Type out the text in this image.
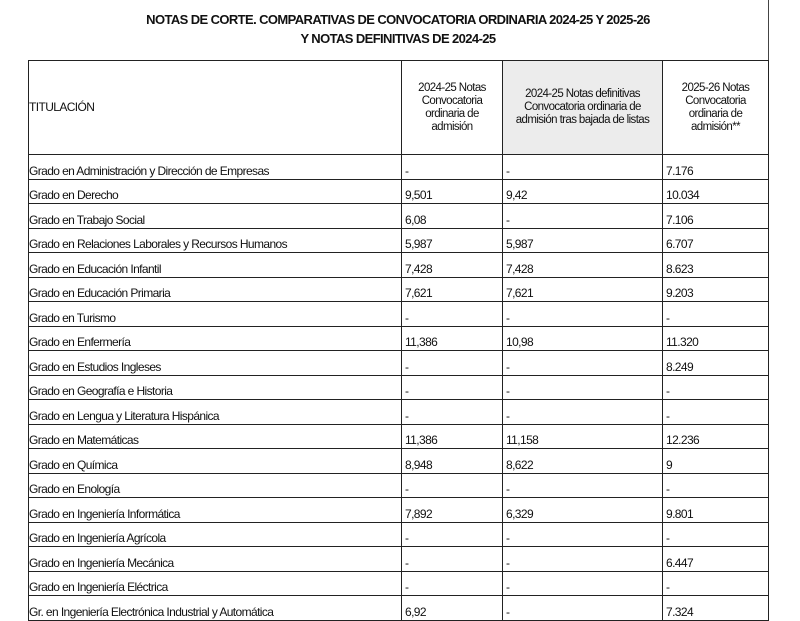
NOTAS DE CORTE. COMPARATIVAS DE CONVOCATORIA ORDINARIA 2024-25 Y 2025-26
Y NOTAS DEFINITIVAS DE 2024-25
TITULACIÓN	2024-25 Notas Convocatoria ordinaria de admisión	2024-25 Notas definitivas Convocatoria ordinaria de admisión tras bajada de listas	2025-26 Notas Convocatoria ordinaria de admisión**
Grado en Administración y Dirección de Empresas	-	-	7.176
Grado en Derecho	9,501	9,42	10.034
Grado en Trabajo Social	6,08	-	7.106
Grado en Relaciones Laborales y Recursos Humanos	5,987	5,987	6.707
Grado en Educación Infantil	7,428	7,428	8.623
Grado en Educación Primaria	7,621	7,621	9.203
Grado en Turismo	-	-	-
Grado en Enfermería	11,386	10,98	11.320
Grado en Estudios Ingleses	-	-	8.249
Grado en Geografía e Historia	-	-	-
Grado en Lengua y Literatura Hispánica	-	-	-
Grado en Matemáticas	11,386	11,158	12.236
Grado en Química	8,948	8,622	9
Grado en Enología	-	-	-
Grado en Ingeniería Informática	7,892	6,329	9.801
Grado en Ingeniería Agrícola	-	-	-
Grado en Ingeniería Mecánica	-	-	6.447
Grado en Ingeniería Eléctrica	-	-	-
Gr. en Ingeniería Electrónica Industrial y Automática	6,92	-	7.324
